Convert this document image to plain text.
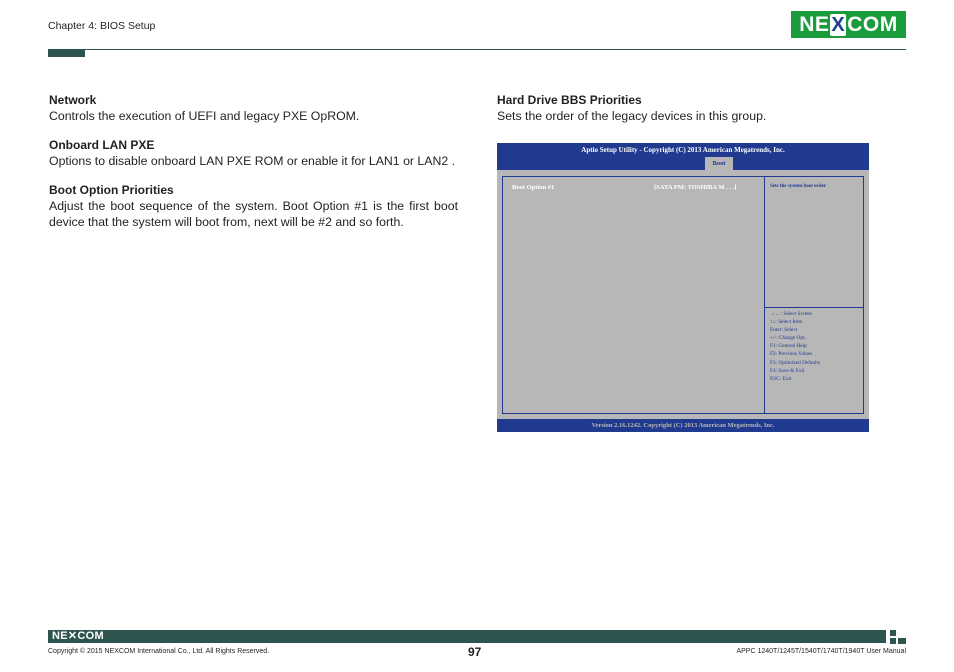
Chapter 4: BIOS Setup	NE XCOM
Network

Controls the execution of UEFI and legacy PXE OpROM.

Onboard LAN PXE

Options to disable onboard LAN PXE ROM or enable it for LAN1 or LAN2 .

Boot Option Priorities

Adjust the boot sequence of the system. Boot Option #1 is the first boot device that the system will boot from, next will be #2 and so forth.

Hard Drive BBS Priorities

Sets the order of the legacy devices in this group.

Aptio Setup Utility - Copyright (C) 2013 American Megatrends, Inc.
Boot
Boot Option #1	[SATA PM: TOSHIBA M . . .]	Sets the system boot order
→←: Select Screen
↑↓: Select Item
Enter: Select
+/-: Change Opt.
F1: General Help
F2: Previous Values
F3: Optimized Defaults
F4: Save & Exit
ESC: Exit
Version 2.16.1242. Copyright (C) 2013 American Megatrends, Inc.
NE✕COM
Copyright © 2015 NEXCOM International Co., Ltd. All Rights Reserved.	97	APPC 1240T/1245T/1540T/1740T/1940T User Manual
